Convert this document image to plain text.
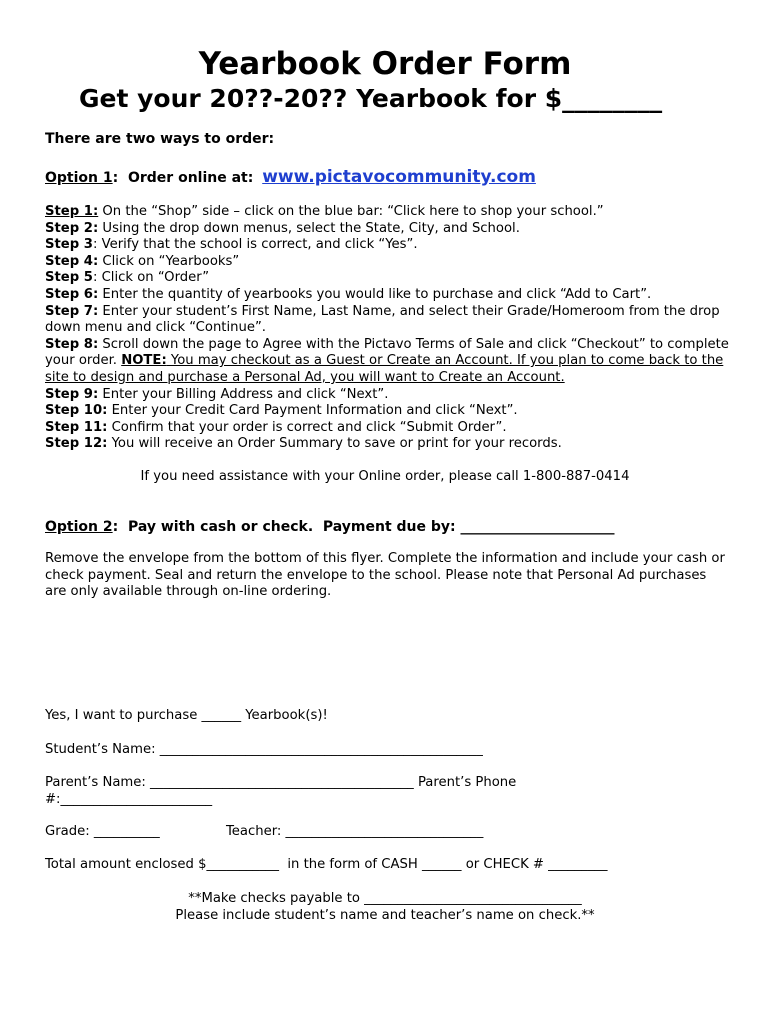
Yearbook Order Form
Get your 20??-20?? Yearbook for $________
There are two ways to order:
Option 1:  Order online at: www.pictavocommunity.com

Step 1: On the “Shop” side – click on the blue bar: “Click here to shop your school.”

Step 2: Using the drop down menus, select the State, City, and School.

Step 3: Verify that the school is correct, and click “Yes”.

Step 4: Click on “Yearbooks”

Step 5: Click on “Order”

Step 6: Enter the quantity of yearbooks you would like to purchase and click “Add to Cart”.

Step 7: Enter your student’s First Name, Last Name, and select their Grade/Homeroom from the drop down menu and click “Continue”.

Step 8: Scroll down the page to Agree with the Pictavo Terms of Sale and click “Checkout” to complete your order. NOTE: You may checkout as a Guest or Create an Account. If you plan to come back to the site to design and purchase a Personal Ad, you will want to Create an Account.

Step 9: Enter your Billing Address and click “Next”.

Step 10: Enter your Credit Card Payment Information and click “Next”.

Step 11: Confirm that your order is correct and click “Submit Order”.

Step 12: You will receive an Order Summary to save or print for your records.

If you need assistance with your Online order, please call 1-800-887-0414
Option 2:  Pay with cash or check.  Payment due by: ______________________
Remove the envelope from the bottom of this flyer. Complete the information and include your cash or check payment. Seal and return the envelope to the school. Please note that Personal Ad purchases are only available through on-line ordering.
Yes, I want to purchase ______ Yearbook(s)!
Student’s Name: _________________________________________________
Parent’s Name: ________________________________________ Parent’s Phone
#:_______________________
Grade: __________	Teacher: ______________________________
Total amount enclosed $___________  in the form of CASH ______ or CHECK # _________
**Make checks payable to _________________________________
Please include student’s name and teacher’s name on check.**
